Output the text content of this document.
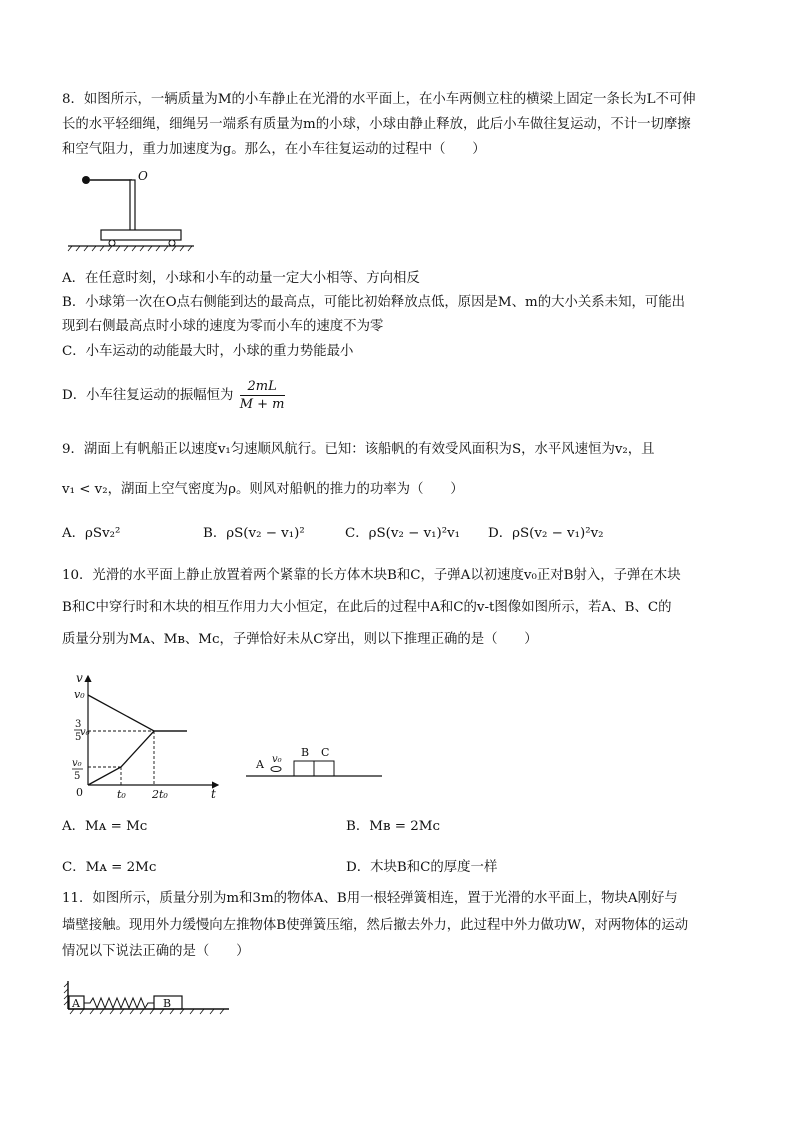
8．如图所示，一辆质量为M的小车静止在光滑的水平面上，在小车两侧立柱的横梁上固定一条长为L不可伸
长的水平轻细绳，细绳另一端系有质量为m的小球，小球由静止释放，此后小车做往复运动，不计一切摩擦
和空气阻力，重力加速度为g。那么，在小车往复运动的过程中（　　）
O
A．在任意时刻，小球和小车的动量一定大小相等、方向相反
B．小球第一次在O点右侧能到达的最高点，可能比初始释放点低，原因是M、m的大小关系未知，可能出
现到右侧最高点时小球的速度为零而小车的速度不为零
C．小车运动的动能最大时，小球的重力势能最小
D．小车往复运动的振幅恒为 $\frac{2mL}{M + m}$
9．湖面上有帆船正以速度v₁匀速顺风航行。已知：该船帆的有效受风面积为S，水平风速恒为v₂，且
v₁ < v₂，湖面上空气密度为ρ。则风对船帆的推力的功率为（　　）
A．ρSv₂²	B．ρS(v₂ − v₁)²	C．ρS(v₂ − v₁)²v₁ D．ρS(v₂ − v₁)²v₂
10．光滑的水平面上静止放置着两个紧靠的长方体木块B和C，子弹A以初速度v₀正对B射入，子弹在木块
B和C中穿行时和木块的相互作用力大小恒定，在此后的过程中A和C的v-t图像如图所示，若A、B、C的
质量分别为Mᴀ、Mʙ、Mᴄ，子弹恰好未从C穿出，则以下推理正确的是（　　）
v
t
0
v₀
3
5
v₀
v₀
5
t₀ 2t₀
A v₀
B C
A．Mᴀ = Mᴄ	B．Mʙ = 2Mᴄ
C．Mᴀ = 2Mᴄ	D．木块B和C的厚度一样
11．如图所示，质量分别为m和3m的物体A、B用一根轻弹簧相连，置于光滑的水平面上，物块A刚好与
墙壁接触。现用外力缓慢向左推物体B使弹簧压缩，然后撤去外力，此过程中外力做功W，对两物体的运动
情况以下说法正确的是（　　）
A	B
